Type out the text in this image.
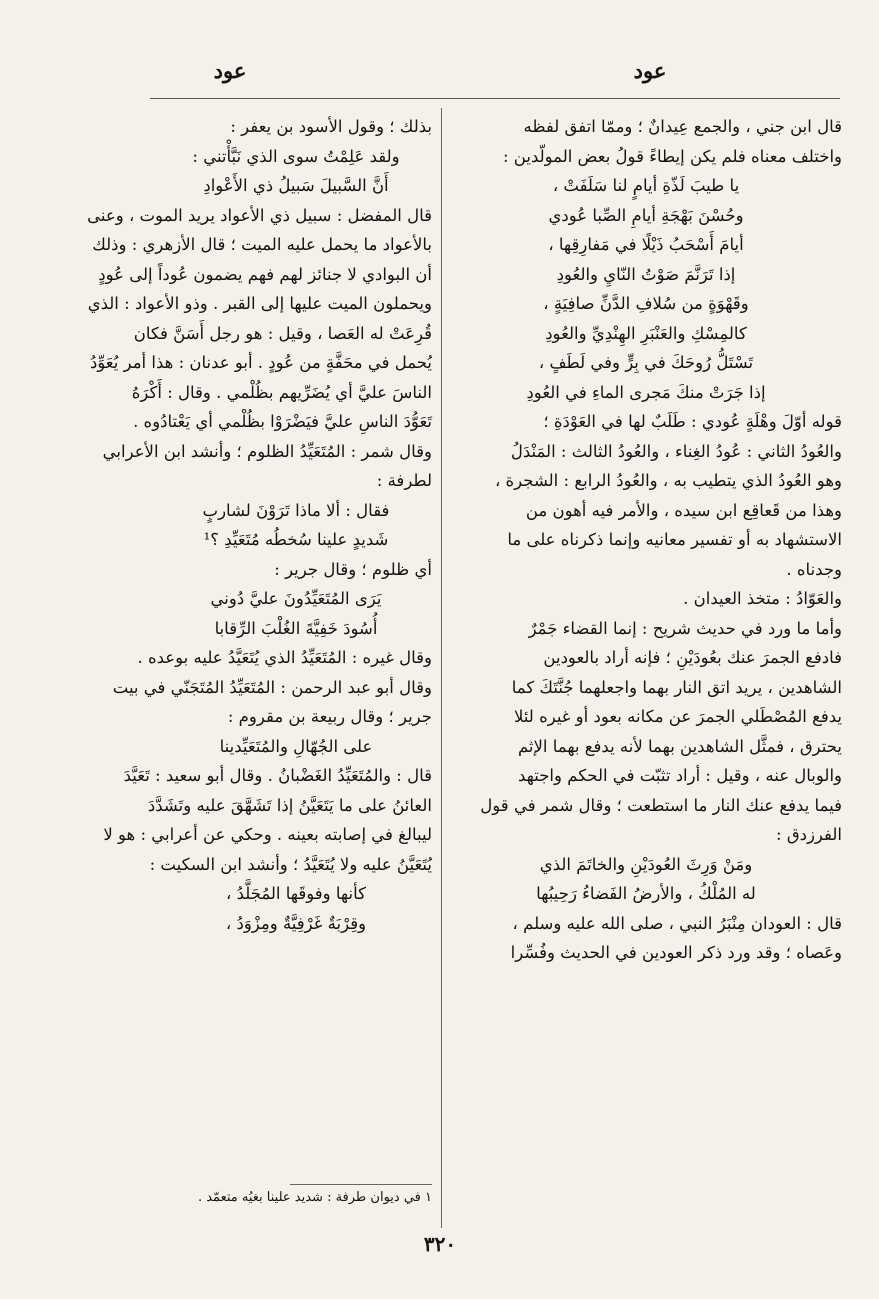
عود
عود
قال ابن جني ، والجمع عِيدانٌ ؛ وممّا اتفق لفظه
واختلف معناه فلم يكن إيطاءً قولُ بعض المولّدين :
يا طيبَ لَذّةِ أيامٍ لنا سَلَفَتْ ،
وحُسْنَ بَهْجَةِ أيامِ الصِّبا عُودي
أيامَ أَسْحَبُ ذَيْلًا في مَفارِقِها ،
إذا تَرَنَّمَ صَوْتُ النّايِ والعُودِ
وقَهْوَةٍ من سُلافِ الدَّنِّ صافِيَةٍ ،
كالمِسْكِ والعَنْبَرِ الهِنْدِيِّ والعُودِ
تَسْتَلُّ رُوحَكَ في بِرٍّ وفي لَطَفٍ ،
إذا جَرَتْ منكَ مَجرى الماءِ في العُودِ
قوله أوّلَ وهْلَةٍ عُودي : طَلَبٌ لها في العَوْدَةِ ؛
والعُودُ الثاني : عُودُ الغِناء ، والعُودُ الثالث : المَنْدَلُ
وهو العُودُ الذي يتطيب به ، والعُودُ الرابع : الشجرة ،
وهذا من قَعاقِع ابن سيده ، والأمر فيه أهون من
الاستشهاد به أو تفسير معانيه وإنما ذكرناه على ما
وجدناه .
والعَوّادُ : متخذ العيدان .
وأما ما ورد في حديث شريح : إنما القضاء جَمْرٌ
فادفع الجمرَ عنك بعُودَيْنِ ؛ فإنه أراد بالعودين
الشاهدين ، يريد اتق النار بهما واجعلهما جُنَّتَكَ كما
يدفع المُصْطَلي الجمرَ عن مكانه بعود أو غيره لئلا
يحترق ، فمثَّل الشاهدين بهما لأنه يدفع بهما الإثم
والوبال عنه ، وقيل : أراد تثبّت في الحكم واجتهد
فيما يدفع عنك النار ما استطعت ؛ وقال شمر في قول
الفرزدق :
ومَنْ وَرِثَ العُودَيْنِ والخاتَمَ الذي
له المُلْكُ ، والأرضُ الفَضاءُ رَحِيبُها
قال : العودان مِنْبَرُ النبي ، صلى الله عليه وسلم ،
وعَصاه ؛ وقد ورد ذكر العودين في الحديث وفُسِّرا
بذلك ؛ وقول الأسود بن يعفر :
ولقد عَلِمْتُ سوى الذي نَبَّأْتني :
أَنَّ السَّبيلَ سَبيلُ ذي الأَعْوادِ
قال المفضل : سبيل ذي الأعواد يريد الموت ، وعنى
بالأعواد ما يحمل عليه الميت ؛ قال الأزهري : وذلك
أن البوادي لا جنائز لهم فهم يضمون عُوداً إلى عُودٍ
ويحملون الميت عليها إلى القبر . وذو الأعواد : الذي
قُرِعَتْ له العَصا ، وقيل : هو رجل أَسَنَّ فكان
يُحمل في محَفَّةٍ من عُودٍ . أبو عدنان : هذا أمر يُعَوِّدُ
الناسَ عليَّ أي يُضَرِّيهم بظُلْمي . وقال : أَكْرَهُ
تَعَوُّدَ الناسِ عليَّ فيَضْرَوْا بظُلْمي أي يَعْتادُوه .
وقال شمر : المُتَعَيِّدُ الظلوم ؛ وأنشد ابن الأعرابي
لطرفة :
فقال : ألا ماذا تَرَوْنَ لشاربٍ
شَديدٍ علينا سُخطُه مُتَعَيِّدِ ؟¹
أي ظلوم ؛ وقال جرير :
يَرَى المُتَعَيِّدُونَ عليَّ دُوني
أُسُودَ خَفِيَّةَ الغُلْبَ الرِّقابا
وقال غيره : المُتَعَيِّدُ الذي يُتَعَيَّدُ عليه بوعده .
وقال أبو عبد الرحمن : المُتَعَيِّدُ المُتَجَنّي في بيت
جرير ؛ وقال ربيعة بن مقروم :
على الجُهّالِ والمُتَعَيِّدينا
قال : والمُتَعَيِّدُ الغَضْبانُ . وقال أبو سعيد : تَعَيَّدَ
العائنُ على ما يَتَعَيَّنُ إذا تَشَهَّقَ عليه وتَشَدَّدَ
ليبالغ في إصابته بعينه . وحكي عن أعرابي : هو لا
يُتَعَيَّنُ عليه ولا يُتَعَيَّدُ ؛ وأنشد ابن السكيت :
كأنها وفوقَها المُجَلَّدُ ،
وقِرْبَةٌ غَرْفِيَّةٌ ومِزْوَدُ ،
١ في ديوان طرفة : شديد علينا بغيُه متعمّد .
٣٢٠
